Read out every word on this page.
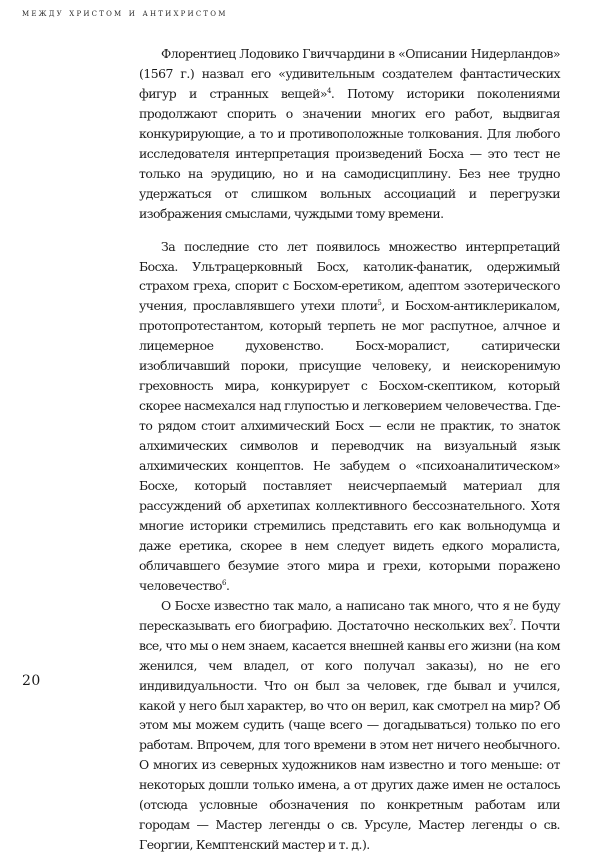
между христом и антихристом

Флорентиец Лодовико Гвиччардини в «Описании Нидерландов» (1567 г.) назвал его «удивительным создателем фантастических фигур и странных вещей»$^4$. Потому историки поколениями продолжают спорить о значении многих его работ, выдвигая конкурирующие, а то и противоположные толкования. Для любого исследователя интерпретация произведений Босха — это тест не только на эрудицию, но и на самодисциплину. Без нее трудно удержаться от слишком вольных ассоциаций и перегрузки изображения смыслами, чуждыми тому времени.

За последние сто лет появилось множество интерпретаций Босха. Ультрацерковный Босх, католик-фанатик, одержимый страхом греха, спорит с Босхом-еретиком, адептом эзотерического учения, прославлявшего утехи плоти$^5$, и Босхом-антиклерикалом, протопротестантом, который терпеть не мог распутное, алчное и лицемерное духовенство. Босх-моралист, сатирически изобличавший пороки, присущие человеку, и неискоренимую греховность мира, конкурирует с Босхом-скептиком, который скорее насмехался над глупостью и легковерием человечества. Где-то рядом стоит алхимический Босх — если не практик, то знаток алхимических символов и переводчик на визуальный язык алхимических концептов. Не забудем о «психоаналитическом» Босхе, который поставляет неисчерпаемый материал для рассуждений об архетипах коллективного бессознательного. Хотя многие историки стремились представить его как вольнодумца и даже еретика, скорее в нем следует видеть едкого моралиста, обличавшего безумие этого мира и грехи, которыми поражено человечество$^6$.

О Босхе известно так мало, а написано так много, что я не буду пересказывать его биографию. Достаточно нескольких вех$^7$. Почти все, что мы о нем знаем, касается внешней канвы его жизни (на ком женился, чем владел, от кого получал заказы), но не его индивидуальности. Что он был за человек, где бывал и учился, какой у него был характер, во что он верил, как смотрел на мир? Об этом мы можем судить (чаще всего — догадываться) только по его работам. Впрочем, для того времени в этом нет ничего необычного. О многих из северных художников нам известно и того меньше: от некоторых дошли только имена, а от других даже имен не осталось (отсюда условные обозначения по конкретным работам или городам — Мастер легенды о св. Урсуле, Мастер легенды о св. Георгии, Кемптенский мастер и т. д.).

20
